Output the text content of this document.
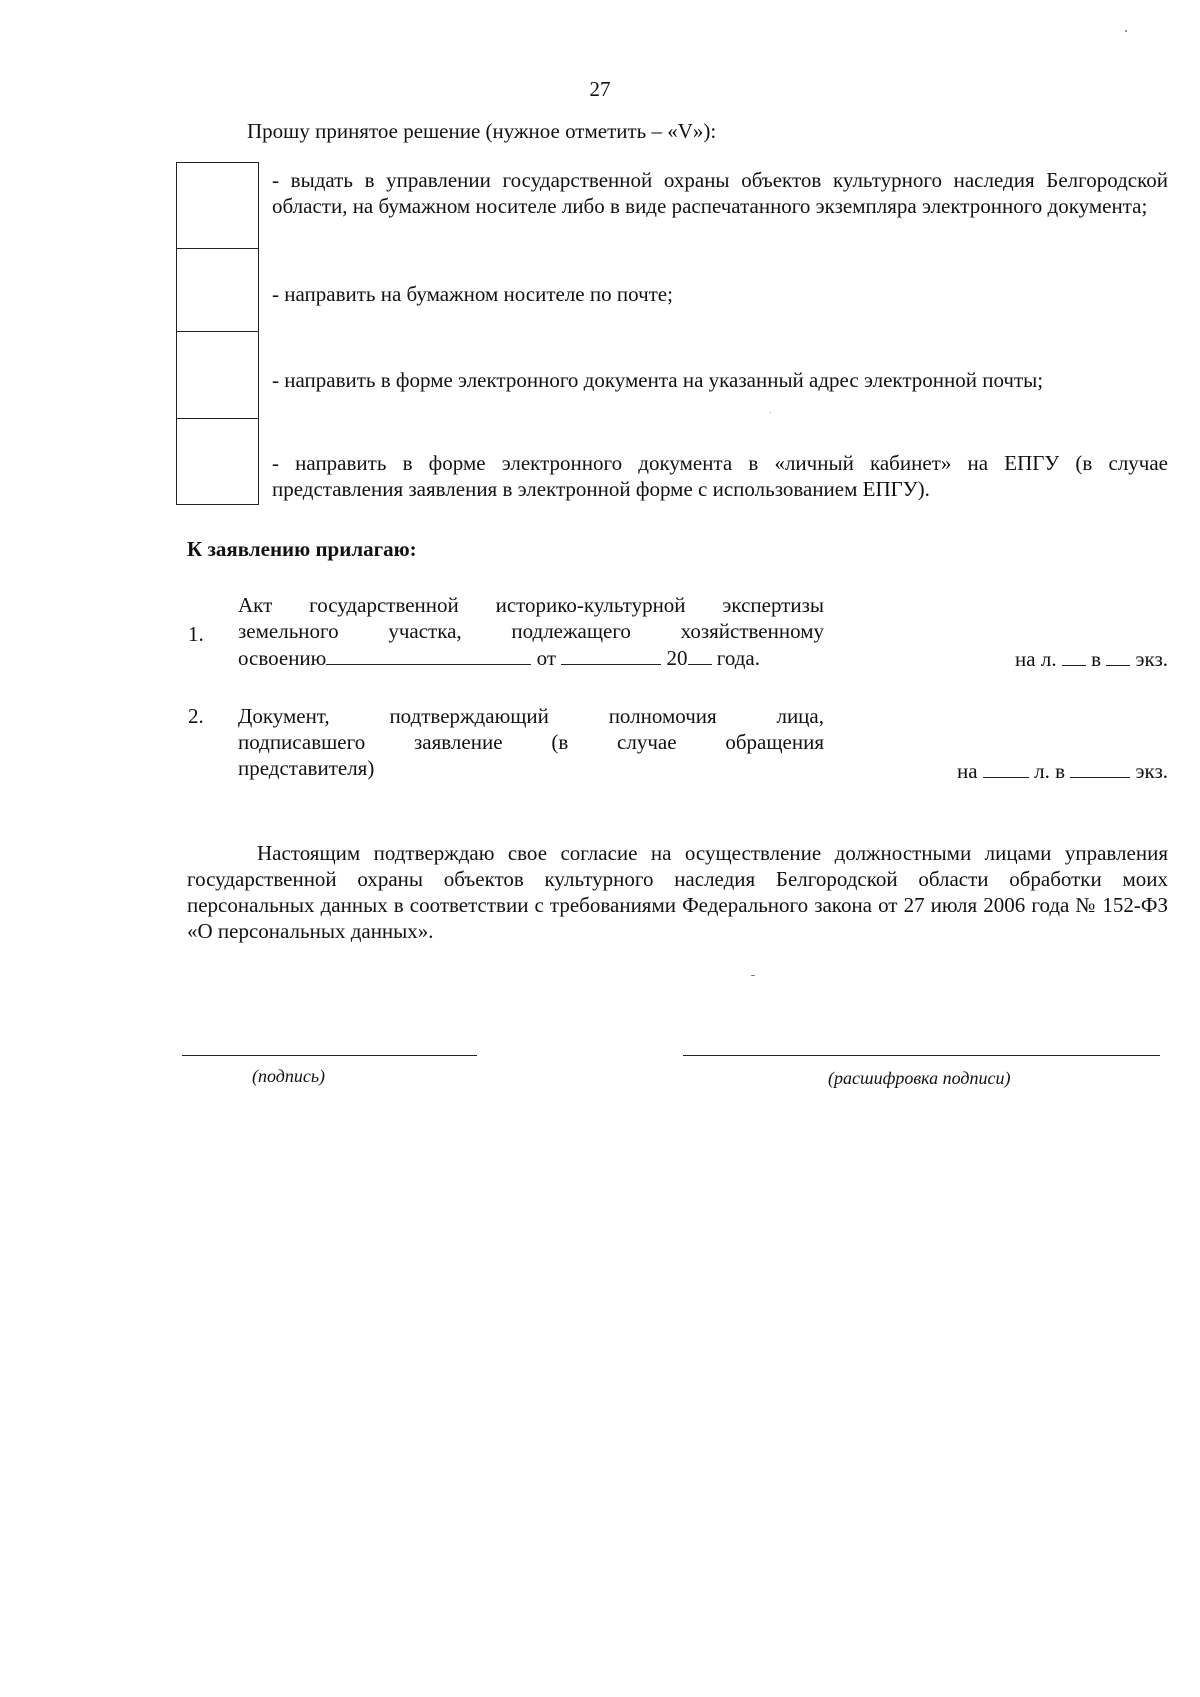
27
Прошу принятое решение (нужное отметить – «V»):
- выдать в управлении государственной охраны объектов культурного наследия Белгородской области, на бумажном носителе либо в виде распечатанного экземпляра электронного документа;
- направить на бумажном носителе по почте;
- направить в форме электронного документа на указанный адрес электронной почты;
- направить в форме электронного документа в «личный кабинет» на ЕПГУ (в случае представления заявления в электронной форме с использованием ЕПГУ).
К заявлению прилагаю:
1.
Акт государственной историко-культурной экспертизы
земельного участка, подлежащего хозяйственному
освоению	от	20 года.	на л. в экз.
2. Документ, подтверждающий полномочия лица,
подписавшего заявление (в случае обращения
представителя)	на	л. в	экз.

Настоящим подтверждаю свое согласие на осуществление должностными лицами управления государственной охраны объектов культурного наследия Белгородской области обработки моих персональных данных в соответствии с требованиями Федерального закона от 27 июля 2006 года № 152-ФЗ «О персональных данных».

(подпись)	(расшифровка подписи)
